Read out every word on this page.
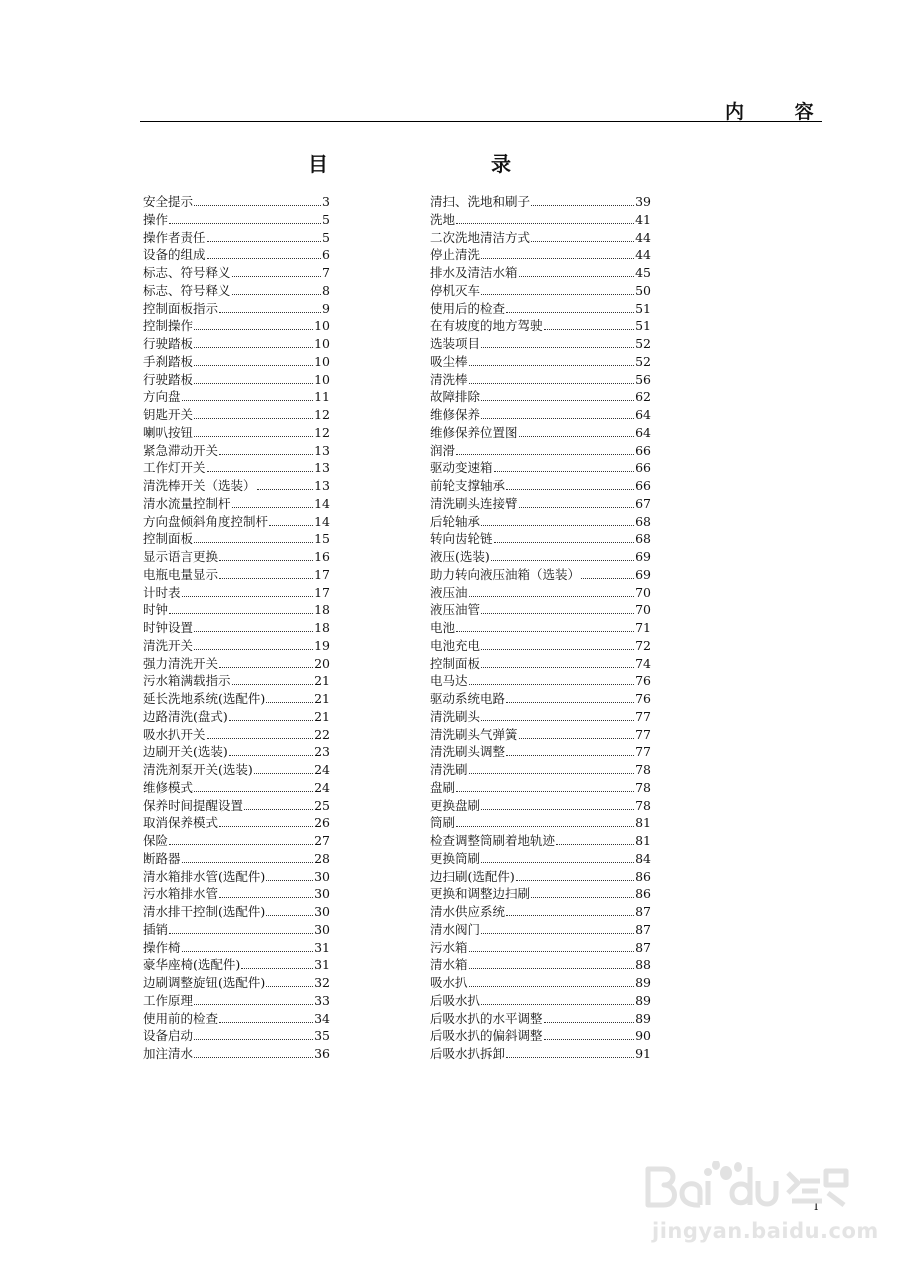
内 容
目	录
安全提示	3
操作	5
操作者责任	5
设备的组成	6
标志、符号释义	7
标志、符号释义	8
控制面板指示	9
控制操作	10
行驶踏板	10
手刹踏板	10
行驶踏板	10
方向盘	11
钥匙开关	12
喇叭按钮	12
紧急滞动开关	13
工作灯开关	13
清洗棒开关（选装）	13
清水流量控制杆	14
方向盘倾斜角度控制杆	14
控制面板	15
显示语言更换	16
电瓶电量显示	17
计时表	17
时钟	18
时钟设置	18
清洗开关	19
强力清洗开关	20
污水箱满载指示	21
延长洗地系统(选配件)	21
边路清洗(盘式)	21
吸水扒开关	22
边刷开关(选装)	23
清洗剂泵开关(选装)	24
维修模式	24
保养时间提醒设置	25
取消保养模式	26
保险	27
断路器	28
清水箱排水管(选配件)	30
污水箱排水管	30
清水排干控制(选配件)	30
插销	30
操作椅	31
豪华座椅(选配件)	31
边刷调整旋钮(选配件)	32
工作原理	33
使用前的检查	34
设备启动	35
加注清水	36
清扫、洗地和刷子	39
洗地	41
二次洗地清洁方式	44
停止清洗	44
排水及清洁水箱	45
停机灭车	50
使用后的检查	51
在有坡度的地方驾驶	51
选装项目	52
吸尘棒	52
清洗棒	56
故障排除	62
维修保养	64
维修保养位置图	64
润滑	66
驱动变速箱	66
前轮支撑轴承	66
清洗刷头连接臂	67
后轮轴承	68
转向齿轮链	68
液压(选装)	69
助力转向液压油箱（选装）	69
液压油	70
液压油管	70
电池	71
电池充电	72
控制面板	74
电马达	76
驱动系统电路	76
清洗刷头	77
清洗刷头气弹簧	77
清洗刷头调整	77
清洗刷	78
盘刷	78
更换盘刷	78
筒刷	81
检查调整筒刷着地轨迹	81
更换筒刷	84
边扫刷(选配件)	86
更换和调整边扫刷	86
清水供应系统	87
清水阀门	87
污水箱	87
清水箱	88
吸水扒	89
后吸水扒	89
后吸水扒的水平调整	89
后吸水扒的偏斜调整	90
后吸水扒拆卸	91
I
jingyan.baidu.com
